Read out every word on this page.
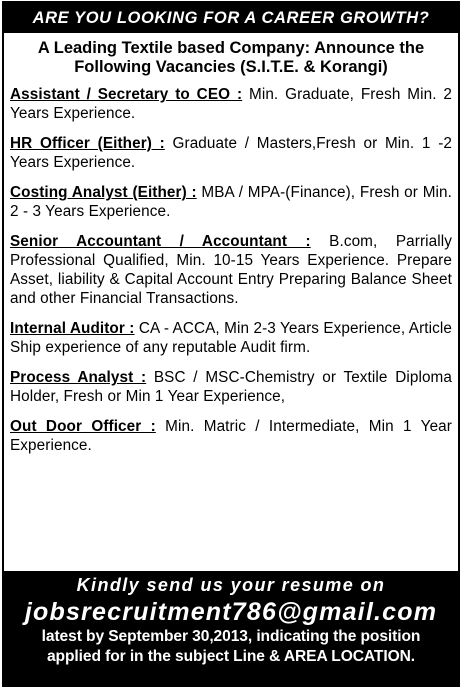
ARE YOU LOOKING FOR A CAREER GROWTH?
A Leading Textile based Company: Announce the Following Vacancies (S.I.T.E. & Korangi)
Assistant / Secretary to CEO : Min. Graduate, Fresh Min. 2 Years Experience.
HR Officer (Either) : Graduate / Masters,Fresh or Min. 1 -2 Years Experience.
Costing Analyst (Either) : MBA / MPA-(Finance), Fresh or Min. 2 - 3 Years Experience.
Senior Accountant / Accountant : B.com, Parrially Professional Qualified, Min. 10-15 Years Experience. Prepare Asset, liability & Capital Account Entry Preparing Balance Sheet and other Financial Transactions.
Internal Auditor : CA - ACCA, Min 2-3 Years Experience, Article Ship experience of any reputable Audit firm.
Process Analyst : BSC / MSC-Chemistry or Textile Diploma Holder, Fresh or Min 1 Year Experience,
Out Door Officer : Min. Matric / Intermediate, Min 1 Year Experience.
Kindly send us your resume on
jobsrecruitment786@gmail.com
latest by September 30,2013, indicating the position
applied for in the subject Line & AREA LOCATION.
